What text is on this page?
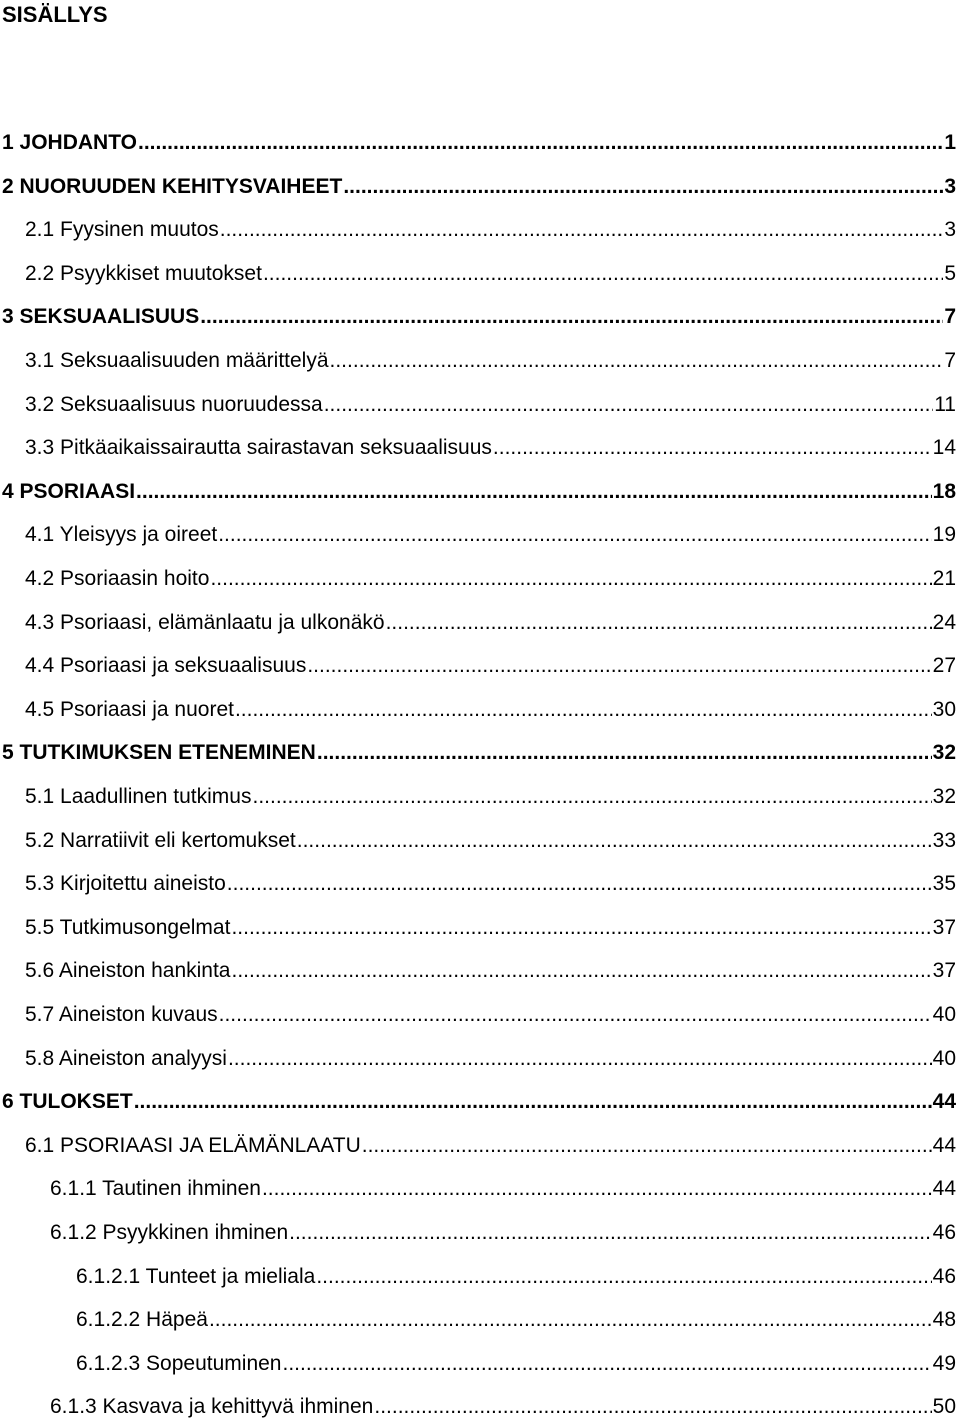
SISÄLLYS
1 JOHDANTO .....	1
2 NUORUUDEN KEHITYSVAIHEET .....	3
2.1 Fyysinen muutos .....	3
2.2 Psyykkiset muutokset .....	5
3 SEKSUAALISUUS .....	7
3.1 Seksuaalisuuden määrittelyä .....	7
3.2 Seksuaalisuus nuoruudessa .....	11
3.3 Pitkäaikaissairautta sairastavan seksuaalisuus .....	14
4 PSORIAASI .....	18
4.1 Yleisyys ja oireet .....	19
4.2 Psoriaasin hoito .....	21
4.3 Psoriaasi, elämänlaatu ja ulkonäkö .....	24
4.4 Psoriaasi ja seksuaalisuus .....	27
4.5 Psoriaasi ja nuoret .....	30
5 TUTKIMUKSEN ETENEMINEN .....	32
5.1 Laadullinen tutkimus .....	32
5.2 Narratiivit eli kertomukset .....	33
5.3 Kirjoitettu aineisto .....	35
5.5 Tutkimusongelmat .....	37
5.6 Aineiston hankinta .....	37
5.7 Aineiston kuvaus .....	40
5.8 Aineiston analyysi .....	40
6 TULOKSET .....	44
6.1 PSORIAASI JA ELÄMÄNLAATU .....	44
6.1.1 Tautinen ihminen .....	44
6.1.2 Psyykkinen ihminen .....	46
6.1.2.1 Tunteet ja mieliala .....	46
6.1.2.2 Häpeä .....	48
6.1.2.3 Sopeutuminen .....	49
6.1.3 Kasvava ja kehittyvä ihminen .....	50
